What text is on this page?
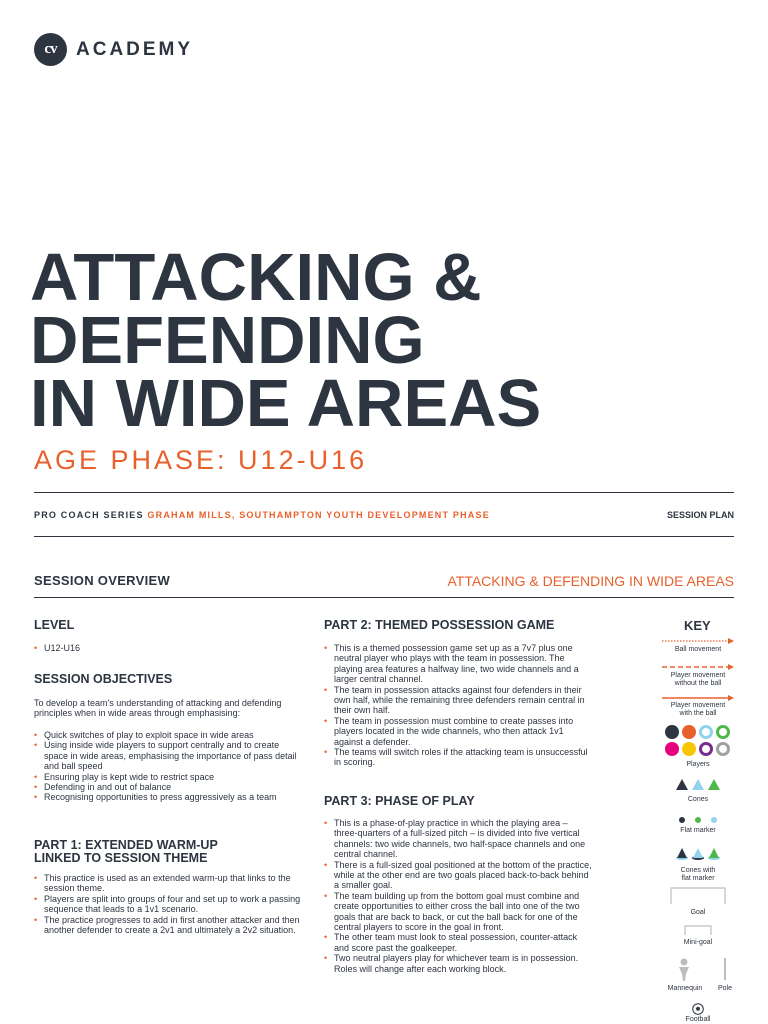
cv	ACADEMY
ATTACKING &
DEFENDING
IN WIDE AREAS
AGE PHASE: U12-U16
PRO COACH SERIES GRAHAM MILLS, SOUTHAMPTON YOUTH DEVELOPMENT PHASE	SESSION PLAN
SESSION OVERVIEW	ATTACKING & DEFENDING IN WIDE AREAS
LEVEL
• U12-U16
SESSION OBJECTIVES

To develop a team's understanding of attacking and defending principles when in wide areas through emphasising:

• Quick switches of play to exploit space in wide areas
• Using inside wide players to support centrally and to create space in wide areas, emphasising the importance of pass detail and ball speed
• Ensuring play is kept wide to restrict space
• Defending in and out of balance
• Recognising opportunities to press aggressively as a team
PART 1: EXTENDED WARM-UP
LINKED TO SESSION THEME
• This practice is used as an extended warm-up that links to the session theme.
• Players are split into groups of four and set up to work a passing sequence that leads to a 1v1 scenario.
• The practice progresses to add in first another attacker and then another defender to create a 2v1 and ultimately a 2v2 situation.
PART 2: THEMED POSSESSION GAME
• This is a themed possession game set up as a 7v7 plus one neutral player who plays with the team in possession. The playing area features a halfway line, two wide channels and a larger central channel.
• The team in possession attacks against four defenders in their own half, while the remaining three defenders remain central in their own half.
• The team in possession must combine to create passes into players located in the wide channels, who then attack 1v1 against a defender.
• The teams will switch roles if the attacking team is unsuccessful in scoring.
PART 3: PHASE OF PLAY
• This is a phase-of-play practice in which the playing area – three-quarters of a full-sized pitch – is divided into five vertical channels: two wide channels, two half-space channels and one central channel.
• There is a full-sized goal positioned at the bottom of the practice, while at the other end are two goals placed back-to-back behind a smaller goal.
• The team building up from the bottom goal must combine and create opportunities to either cross the ball into one of the two goals that are back to back, or cut the ball back for one of the central players to score in the goal in front.
• The other team must look to steal possession, counter-attack and score past the goalkeeper.
• Two neutral players play for whichever team is in possession. Roles will change after each working block.
KEY
Ball movement
Player movement
without the ball
Player movement
with the ball
Players
Cones
Flat marker
Cones with
flat marker
Goal
Mini-goal
Mannequin	Pole
Football
